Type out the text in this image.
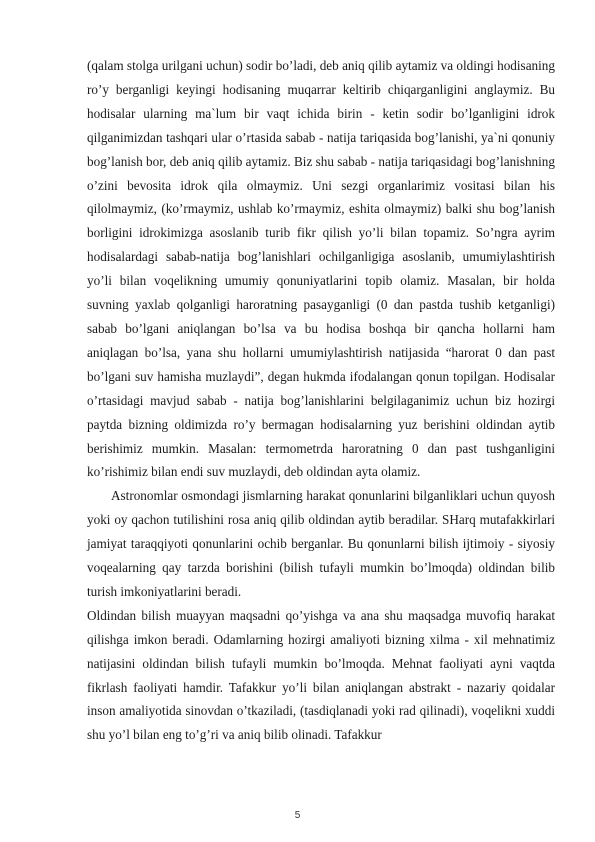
(qalam stolga urilgani uchun) sodir bo’ladi, deb aniq qilib aytamiz va oldingi hodisaning ro’y berganligi keyingi hodisaning muqarrar keltirib chiqarganligini anglaymiz. Bu hodisalar ularning ma`lum bir vaqt ichida birin - ketin sodir bo’lganligini idrok qilganimizdan tashqari ular o’rtasida sabab - natija tariqasida bog’lanishi, ya`ni qonuniy bog’lanish bor, deb aniq qilib aytamiz. Biz shu sabab - natija tariqasidagi bog’lanishning o’zini bevosita idrok qila olmaymiz. Uni sezgi organlarimiz vositasi bilan his qilolmaymiz, (ko’rmaymiz, ushlab ko’rmaymiz, eshita olmaymiz) balki shu bog’lanish borligini idrokimizga asoslanib turib fikr qilish yo’li bilan topamiz. So’ngra ayrim hodisalardagi sabab-natija bog’lanishlari ochilganligiga asoslanib, umumiylashtirish yo’li bilan voqelikning umumiy qonuniyatlarini topib olamiz. Masalan, bir holda suvning yaxlab qolganligi haroratning pasayganligi (0 dan pastda tushib ketganligi) sabab bo’lgani aniqlangan bo’lsa va bu hodisa boshqa bir qancha hollarni ham aniqlagan bo’lsa, yana shu hollarni umumiylashtirish natijasida “harorat 0 dan past bo’lgani suv hamisha muzlaydi”, degan hukmda ifodalangan qonun topilgan. Hodisalar o’rtasidagi mavjud sabab - natija bog’lanishlarini belgilaganimiz uchun biz hozirgi paytda bizning oldimizda ro’y bermagan hodisalarning yuz berishini oldindan aytib berishimiz mumkin. Masalan: termometrda haroratning 0 dan past tushganligini ko’rishimiz bilan endi suv muzlaydi, deb oldindan ayta olamiz.

Astronomlar osmondagi jismlarning harakat qonunlarini bilganliklari uchun quyosh yoki oy qachon tutilishini rosa aniq qilib oldindan aytib beradilar. SHarq mutafakkirlari jamiyat taraqqiyoti qonunlarini ochib berganlar. Bu qonunlarni bilish ijtimoiy - siyosiy voqealarning qay tarzda borishini (bilish tufayli mumkin bo’lmoqda) oldindan bilib turish imkoniyatlarini beradi.

Oldindan bilish muayyan maqsadni qo’yishga va ana shu maqsadga muvofiq harakat qilishga imkon beradi. Odamlarning hozirgi amaliyoti bizning xilma - xil mehnatimiz natijasini oldindan bilish tufayli mumkin bo’lmoqda. Mehnat faoliyati ayni vaqtda fikrlash faoliyati hamdir. Tafakkur yo’li bilan aniqlangan abstrakt - nazariy qoidalar inson amaliyotida sinovdan o’tkaziladi, (tasdiqlanadi yoki rad qilinadi), voqelikni xuddi shu yo’l bilan eng to’g’ri va aniq bilib olinadi. Tafakkur

5
